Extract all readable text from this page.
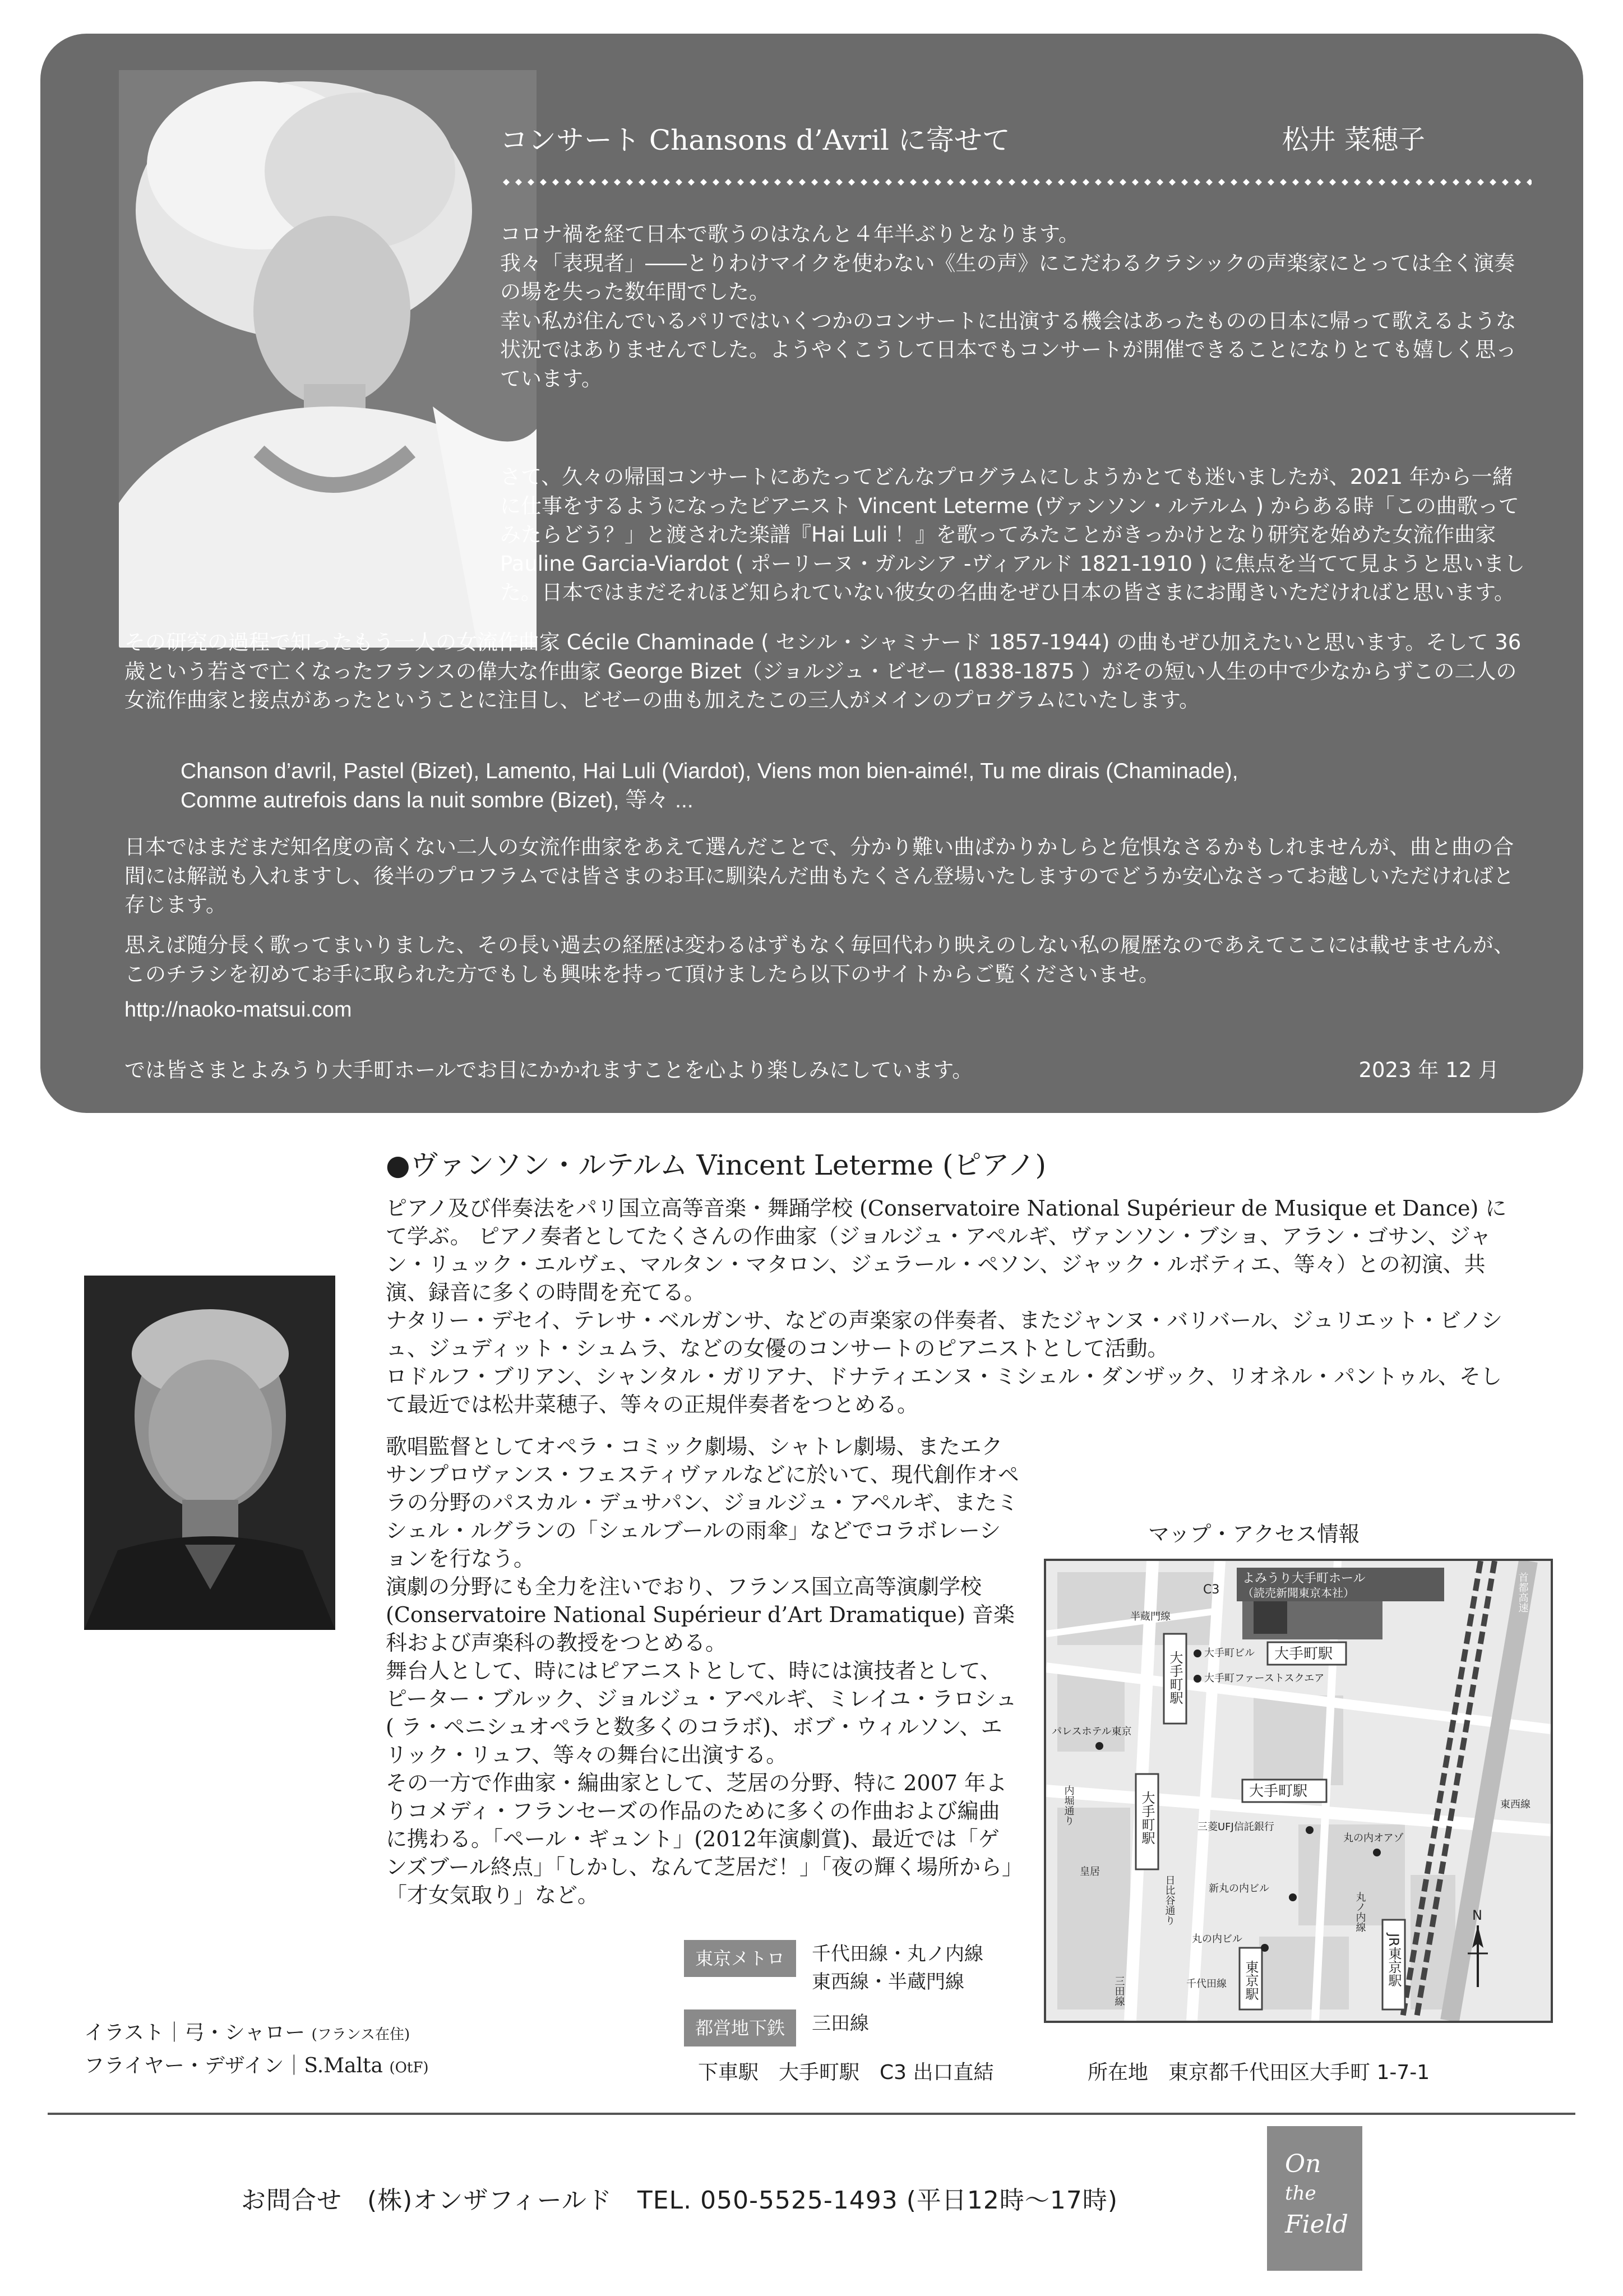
コンサート Chansons d’Avril に寄せて	松井 菜穂子

コロナ禍を経て日本で歌うのはなんと４年半ぶりとなります。
我々「表現者」――とりわけマイクを使わない《生の声》にこだわるクラシックの声楽家にとっては全く演奏の場を失った数年間でした。
幸い私が住んでいるパリではいくつかのコンサートに出演する機会はあったものの日本に帰って歌えるような状況ではありませんでした。ようやくこうして日本でもコンサートが開催できることになりとても嬉しく思っています。

さて、久々の帰国コンサートにあたってどんなプログラムにしようかとても迷いましたが、2021 年から一緒に仕事をするようになったピアニスト Vincent Leterme (ヴァンソン・ルテルム ) からある時「この曲歌ってみたらどう？」と渡された楽譜『Hai Luli ！』を歌ってみたことがきっかけとなり研究を始めた女流作曲家 Pauline Garcia-Viardot ( ポーリーヌ・ガルシア -ヴィアルド 1821-1910 ) に焦点を当てて見ようと思いました。日本ではまだそれほど知られていない彼女の名曲をぜひ日本の皆さまにお聞きいただければと思います。

その研究の過程で知ったもう一人の女流作曲家 Cécile Chaminade ( セシル・シャミナード 1857-1944) の曲もぜひ加えたいと思います。そして 36 歳という若さで亡くなったフランスの偉大な作曲家 George Bizet（ジョルジュ・ビゼー (1838-1875 ）がその短い人生の中で少なからずこの二人の女流作曲家と接点があったということに注目し、ビゼーの曲も加えたこの三人がメインのプログラムにいたします。

Chanson d’avril, Pastel (Bizet), Lamento, Hai Luli (Viardot), Viens mon bien-aimé!, Tu me dirais (Chaminade),
Comme autrefois dans la nuit sombre (Bizet), 等々 ...

日本ではまだまだ知名度の高くない二人の女流作曲家をあえて選んだことで、分かり難い曲ばかりかしらと危惧なさるかもしれませんが、曲と曲の合間には解説も入れますし、後半のプロフラムでは皆さまのお耳に馴染んだ曲もたくさん登場いたしますのでどうか安心なさってお越しいただければと存じます。

思えば随分長く歌ってまいりました、その長い過去の経歴は変わるはずもなく毎回代わり映えのしない私の履歴なのであえてここには載せませんが、このチラシを初めてお手に取られた方でもしも興味を持って頂けましたら以下のサイトからご覧くださいませ。

http://naoko-matsui.com
では皆さまとよみうり大手町ホールでお目にかかれますことを心より楽しみにしています。	2023 年 12 月
●ヴァンソン・ルテルム Vincent Leterme (ピアノ)

ピアノ及び伴奏法をパリ国立高等音楽・舞踊学校 (Conservatoire National Supérieur de Musique et Dance) にて学ぶ。 ピアノ奏者としてたくさんの作曲家（ジョルジュ・アペルギ、ヴァンソン・ブショ、アラン・ゴサン、ジャン・リュック・エルヴェ、マルタン・マタロン、ジェラール・ペソン、ジャック・ルボティエ、等々）との初演、共演、録音に多くの時間を充てる。
ナタリー・デセイ、テレサ・ベルガンサ、などの声楽家の伴奏者、またジャンヌ・バリバール、ジュリエット・ビノシュ、ジュディット・シュムラ、などの女優のコンサートのピアニストとして活動。
ロドルフ・ブリアン、シャンタル・ガリアナ、ドナティエンヌ・ミシェル・ダンザック、リオネル・パントゥル、そして最近では松井菜穂子、等々の正規伴奏者をつとめる。

歌唱監督としてオペラ・コミック劇場、シャトレ劇場、またエクサンプロヴァンス・フェスティヴァルなどに於いて、現代創作オペラの分野のパスカル・デュサパン、ジョルジュ・アペルギ、またミシェル・ルグランの「シェルブールの雨傘」などでコラボレーションを行なう。
演劇の分野にも全力を注いでおり、フランス国立高等演劇学校 (Conservatoire National Supérieur d’Art Dramatique) 音楽科および声楽科の教授をつとめる。
舞台人として、時にはピアニストとして、時には演技者として、ピーター・ブルック、ジョルジュ・アペルギ、ミレイユ・ラロシュ( ラ・ペニシュオペラと数多くのコラボ)、ボブ・ウィルソン、エリック・リュフ、等々の舞台に出演する。
その一方で作曲家・編曲家として、芝居の分野、特に 2007 年よりコメディ・フランセーズの作品のために多くの作曲および編曲に携わる。「ペール・ギュント」(2012年演劇賞)、最近では「ゲンズブール終点」「しかし、なんて芝居だ！」「夜の輝く場所から」「才女気取り」など。

イラスト｜弓・シャロー (フランス在住)
フライヤー・デザイン｜S.Malta (OtF)
東京メトロ	千代田線・丸ノ内線
東西線・半蔵門線
都営地下鉄	三田線
下車駅　大手町駅　C3 出口直結
マップ・アクセス情報
よみうり大手町ホール
（読売新聞東京本社）
C3
大手町駅
大手町駅
大手町駅	大手町駅
東京駅	JR東京駅
大手町ビル
大手町ファーストスクエア
パレスホテル東京
内堀通り
三菱UFJ信託銀行
丸の内オアゾ
皇居
新丸の内ビル
丸の内ビル
日比谷通り	丸ノ内線
千代田線
三田線
東西線
半蔵門線
首都高速
N
所在地　東京都千代田区大手町 1-7-1
お問合せ　(株)オンザフィールド　TEL. 050-5525-1493 (平日12時〜17時)
On
the
Field
